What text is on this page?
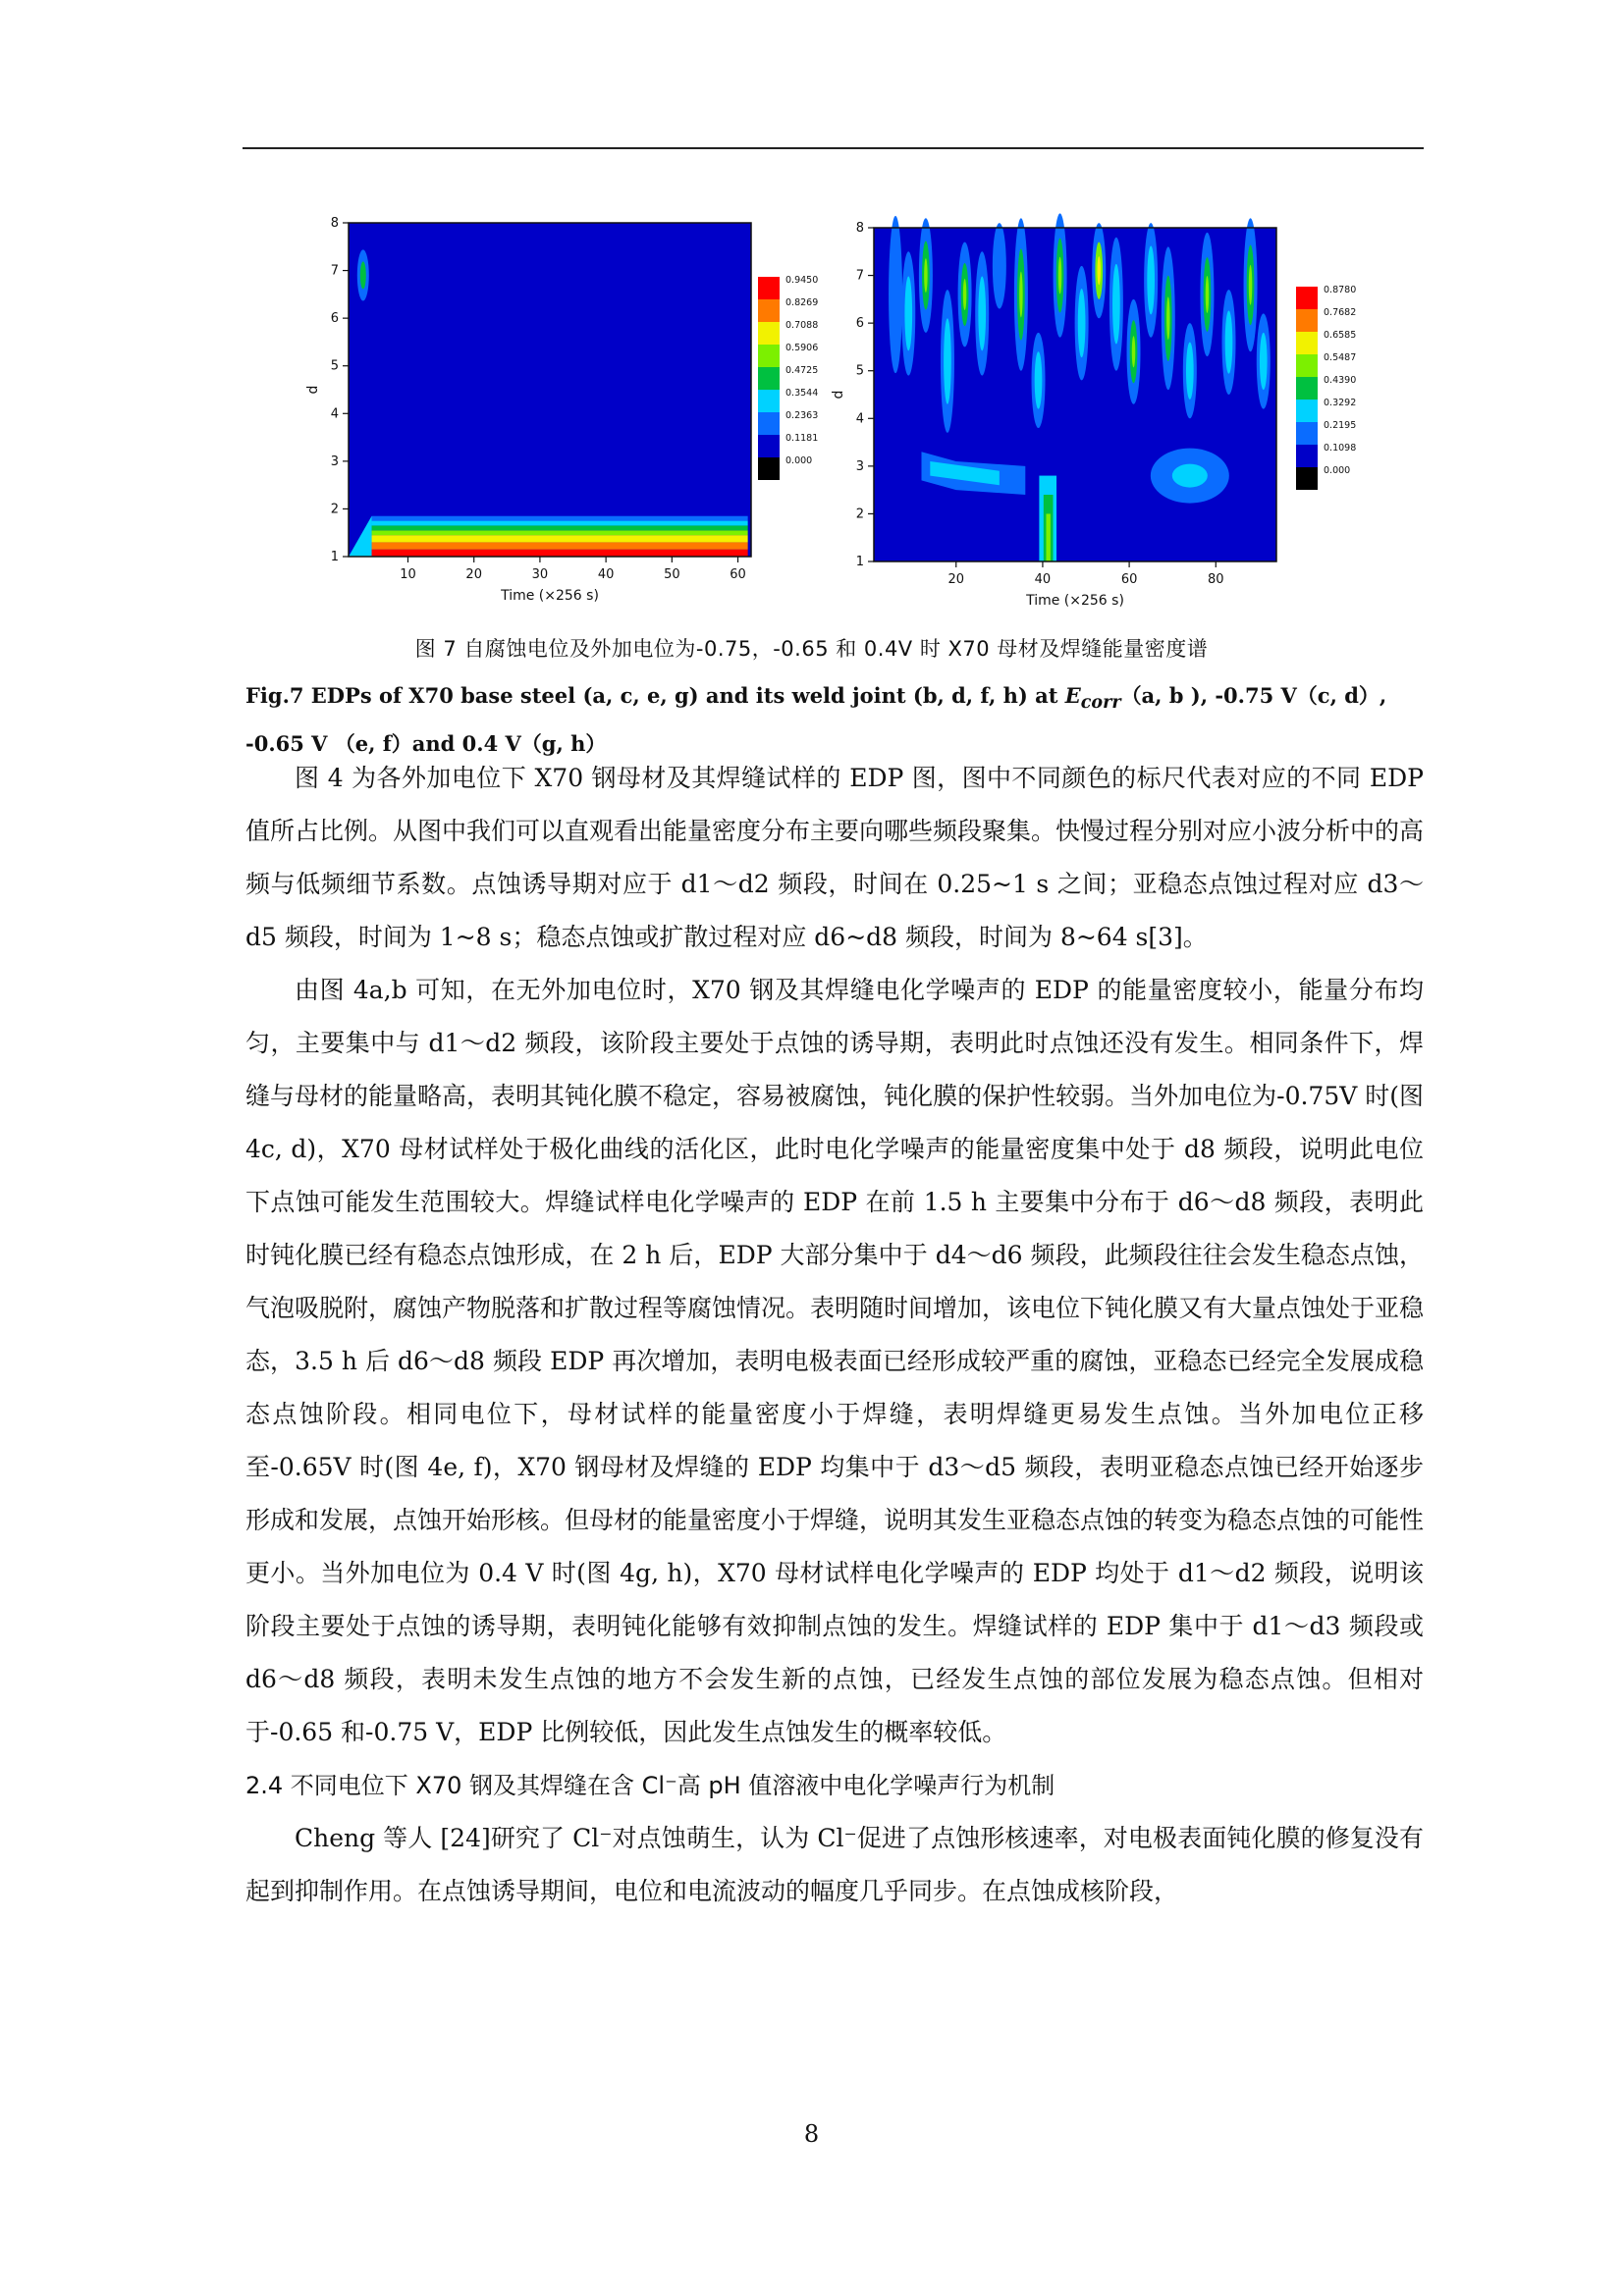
10	20	30	40	50	60
1
2
3
4
5
6
7
8
Time (×256 s)
d
0.000
0.1181
0.2363
0.3544
0.4725
0.5906
0.7088
0.8269
0.9450
20	40	60	80
1
2
3
4
5
6
7
8
Time (×256 s)
d
0.000
0.1098
0.2195
0.3292
0.4390
0.5487
0.6585
0.7682
0.8780
图 7 自腐蚀电位及外加电位为-0.75，-0.65 和 0.4V 时 X70 母材及焊缝能量密度谱
Fig.7 EDPs of X70 base steel (a, c, e, g) and its weld joint (b, d, f, h) at $E_{corr}(a$, b ), -0.75 V（c, d）, -0.65 V （e, f）and 0.4 V（g, h）

图 4 为各外加电位下 X70 钢母材及其焊缝试样的 EDP 图，图中不同颜色的标尺代表对应的不同 EDP 值所占比例。从图中我们可以直观看出能量密度分布主要向哪些频段聚集。快慢过程分别对应小波分析中的高频与低频细节系数。点蚀诱导期对应于 d1～d2 频段，时间在 0.25~1 s 之间；亚稳态点蚀过程对应 d3～d5 频段，时间为 1~8 s；稳态点蚀或扩散过程对应 d6~d8 频段，时间为 8~64 s[3]。

由图 4a,b 可知，在无外加电位时，X70 钢及其焊缝电化学噪声的 EDP 的能量密度较小，能量分布均匀，主要集中与 d1～d2 频段，该阶段主要处于点蚀的诱导期，表明此时点蚀还没有发生。相同条件下，焊缝与母材的能量略高，表明其钝化膜不稳定，容易被腐蚀，钝化膜的保护性较弱。当外加电位为-0.75V 时(图 4c, d)，X70 母材试样处于极化曲线的活化区，此时电化学噪声的能量密度集中处于 d8 频段，说明此电位下点蚀可能发生范围较大。焊缝试样电化学噪声的 EDP 在前 1.5 h 主要集中分布于 d6～d8 频段，表明此时钝化膜已经有稳态点蚀形成，在 2 h 后，EDP 大部分集中于 d4～d6 频段，此频段往往会发生稳态点蚀，气泡吸脱附，腐蚀产物脱落和扩散过程等腐蚀情况。表明随时间增加，该电位下钝化膜又有大量点蚀处于亚稳态，3.5 h 后 d6～d8 频段 EDP 再次增加，表明电极表面已经形成较严重的腐蚀，亚稳态已经完全发展成稳态点蚀阶段。相同电位下，母材试样的能量密度小于焊缝，表明焊缝更易发生点蚀。当外加电位正移至-0.65V 时(图 4e, f)，X70 钢母材及焊缝的 EDP 均集中于 d3～d5 频段，表明亚稳态点蚀已经开始逐步形成和发展，点蚀开始形核。但母材的能量密度小于焊缝，说明其发生亚稳态点蚀的转变为稳态点蚀的可能性更小。当外加电位为 0.4 V 时(图 4g, h)，X70 母材试样电化学噪声的 EDP 均处于 d1～d2 频段，说明该阶段主要处于点蚀的诱导期，表明钝化能够有效抑制点蚀的发生。焊缝试样的 EDP 集中于 d1～d3 频段或 d6～d8 频段，表明未发生点蚀的地方不会发生新的点蚀，已经发生点蚀的部位发展为稳态点蚀。但相对于-0.65 和-0.75 V，EDP 比例较低，因此发生点蚀发生的概率较低。

2.4 不同电位下 X70 钢及其焊缝在含 Cl⁻高 pH 值溶液中电化学噪声行为机制

Cheng 等人 [24]研究了 Cl⁻对点蚀萌生，认为 Cl⁻促进了点蚀形核速率，对电极表面钝化膜的修复没有起到抑制作用。在点蚀诱导期间，电位和电流波动的幅度几乎同步。在点蚀成核阶段，

8
